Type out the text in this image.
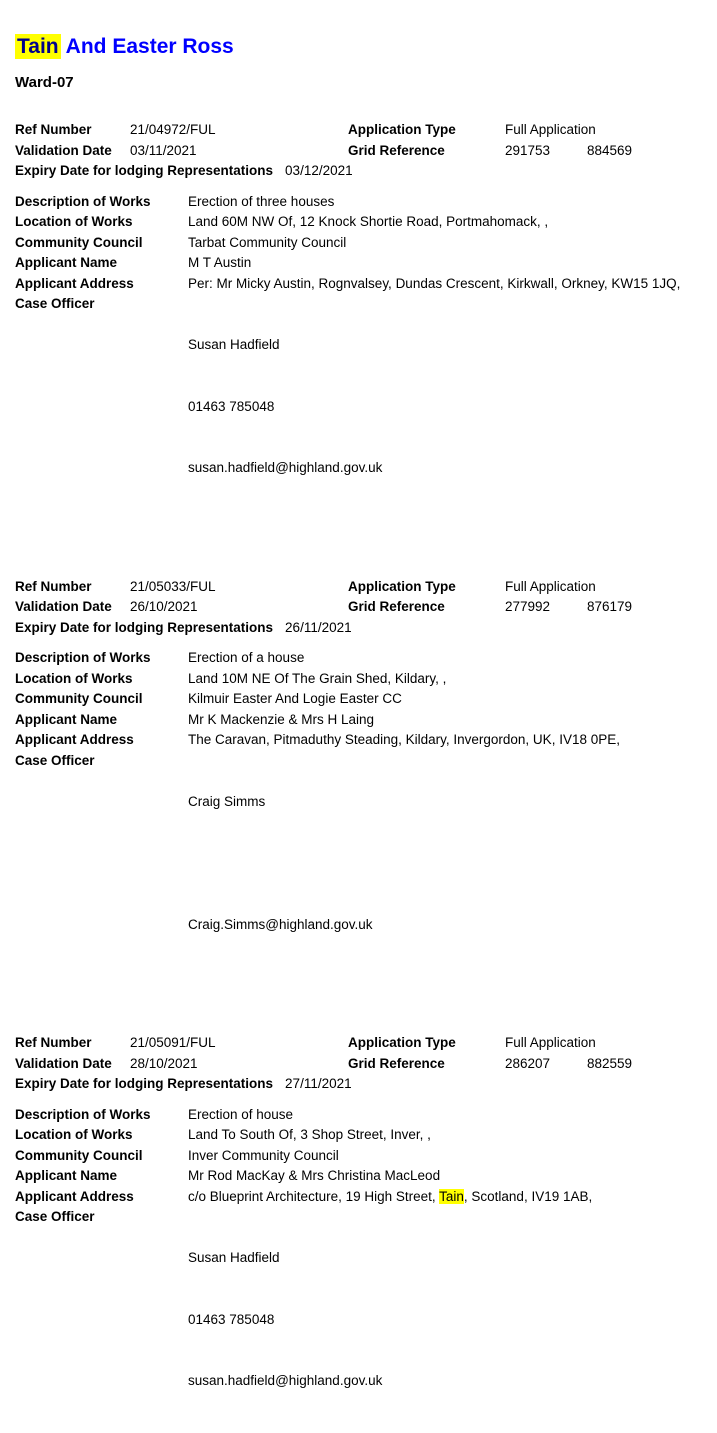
Tain And Easter Ross
Ward-07
Ref Number	21/04972/FUL	Application Type	Full Application
Validation Date	03/11/2021	Grid Reference	291753	884569
Expiry Date for lodging Representations 03/12/2021
Description of Works	Erection of three houses
Location of Works	Land 60M NW Of, 12 Knock Shortie Road, Portmahomack, ,
Community Council	Tarbat Community Council
Applicant Name	M T Austin
Applicant Address	Per: Mr Micky Austin, Rognvalsey, Dundas Crescent, Kirkwall, Orkney, KW15 1JQ,
Case Officer

Susan Hadfield

01463 785048

susan.hadfield@highland.gov.uk

Ref Number	21/05033/FUL	Application Type	Full Application
Validation Date	26/10/2021	Grid Reference	277992	876179
Expiry Date for lodging Representations 26/11/2021
Description of Works	Erection of a house
Location of Works	Land 10M NE Of The Grain Shed, Kildary, ,
Community Council	Kilmuir Easter And Logie Easter CC
Applicant Name	Mr K Mackenzie & Mrs H Laing
Applicant Address	The Caravan, Pitmaduthy Steading, Kildary, Invergordon, UK, IV18 0PE,
Case Officer

Craig Simms

Craig.Simms@highland.gov.uk

Ref Number	21/05091/FUL	Application Type	Full Application
Validation Date	28/10/2021	Grid Reference	286207	882559
Expiry Date for lodging Representations 27/11/2021
Description of Works	Erection of house
Location of Works	Land To South Of, 3 Shop Street, Inver, ,
Community Council	Inver Community Council
Applicant Name	Mr Rod MacKay & Mrs Christina MacLeod
Applicant Address	c/o Blueprint Architecture, 19 High Street, Tain, Scotland, IV19 1AB,
Case Officer

Susan Hadfield

01463 785048

susan.hadfield@highland.gov.uk
